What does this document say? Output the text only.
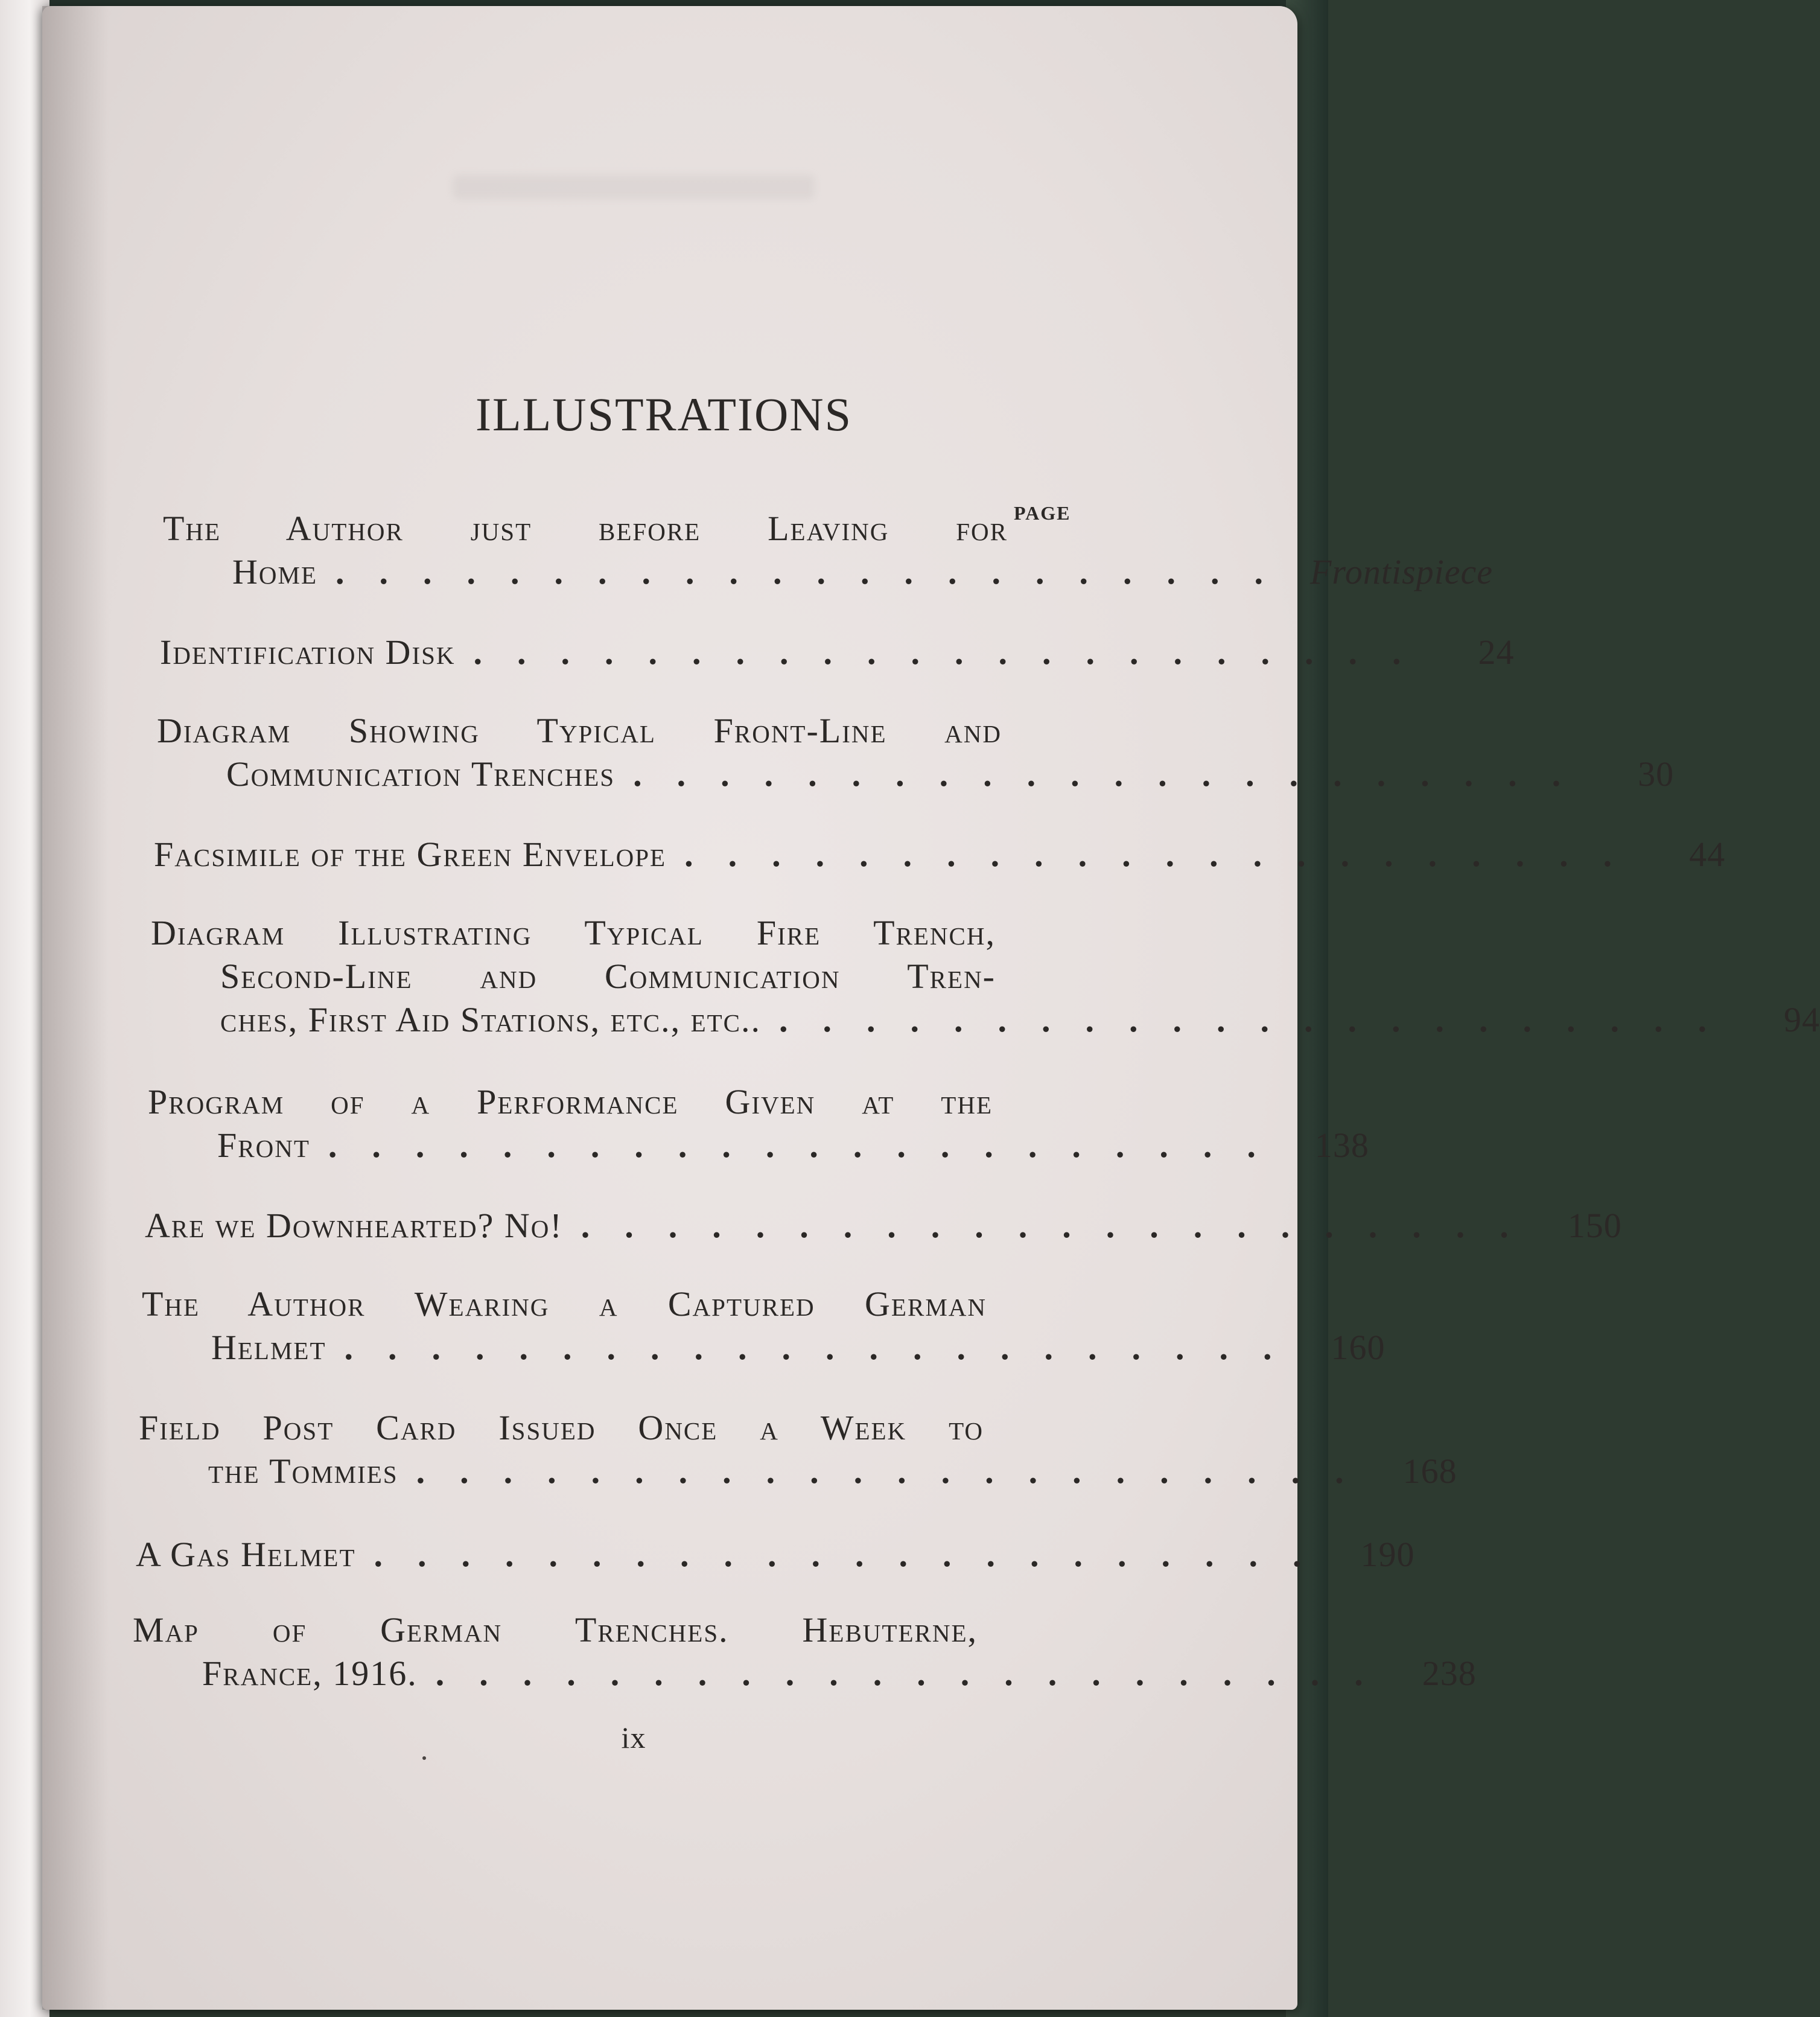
ILLUSTRATIONS
PAGE
The Author just before Leaving for
Home ...................... Frontispiece
Identification Disk ......................	24
Diagram Showing Typical Front-Line and
Communication Trenches ......................	30
Facsimile of the Green Envelope ......................	44
Diagram Illustrating Typical Fire Trench,
Second-Line and Communication Tren-
ches, First Aid Stations, etc., etc.. ......................	94
Program of a Performance Given at the
Front ...................... 138
Are we Downhearted? No! ...................... 150
The Author Wearing a Captured German
Helmet ...................... 160
Field Post Card Issued Once a Week to
the Tommies ...................... 168
A Gas Helmet ...................... 190
Map of German Trenches. Hebuterne,
France, 1916. ...................... 238
ix
